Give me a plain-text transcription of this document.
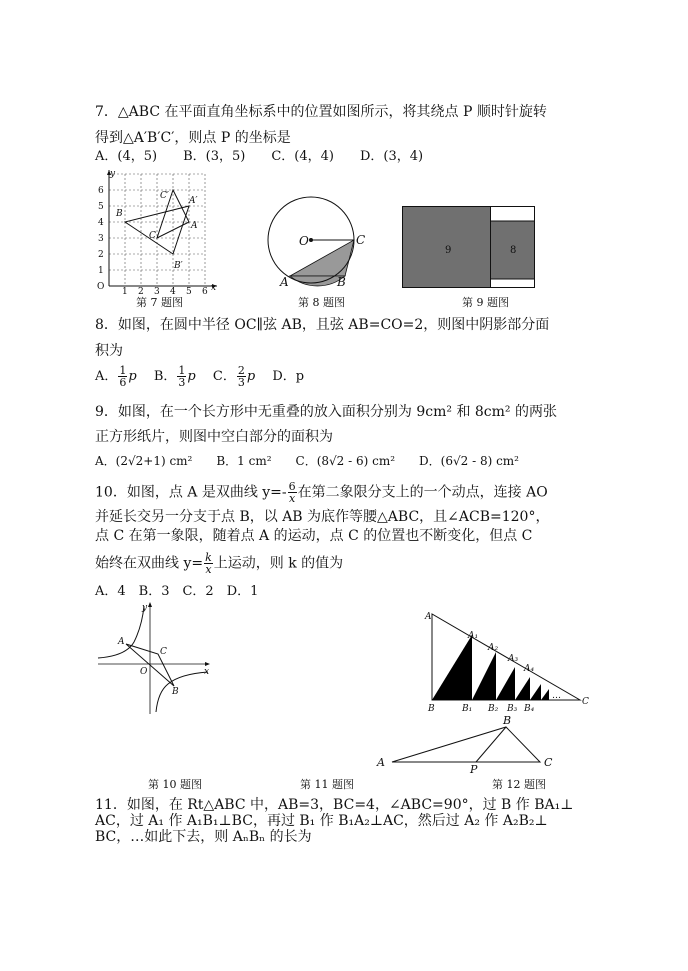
7．△ABC 在平面直角坐标系中的位置如图所示，将其绕点 P 顺时针旋转
得到△A′B′C′，则点 P 的坐标是
A．(4，5)　　B．(3，5)　　C．(4，4)　　D．(3，4)
B
A′
C′
C
A
B′
y
x
O 1 2 3 4 5 6
1
2
3
4
5
6
第 7 题图
O	C
A	B
第 8 题图
9	8
第 9 题图
8．如图，在圆中半径 OC∥弦 AB，且弦 AB=CO=2，则图中阴影部分面
积为
A． $\frac{1}{6}$ p　 B． $\frac{1}{3}$ p　 C． $\frac{2}{3}$ p　 D．p
9．如图，在一个长方形中无重叠的放入面积分别为 9cm² 和 8cm² 的两张
正方形纸片，则图中空白部分的面积为
A．(2√2+1) cm²　　B．1 cm²　　C．(8√2 - 6) cm²　　D．(6√2 - 8) cm²
10．如图，点 A 是双曲线 $y=- \frac{6}{x}$ 在第二象限分支上的一个动点，连接 AO
并延长交另一分支于点 B，以 AB 为底作等腰△ABC，且∠ACB=120°，
点 C 在第一象限，随着点 A 的运动，点 C 的位置也不断变化，但点 C
始终在双曲线 $y= \frac{k}{x}$ 上运动，则 k 的值为
A．4　B．3　C．2　D．1
A
C
O
B
x
y
第 10 题图
A
A₁
A₂
A₃
A₄
B	B₁ B₂ B₃ B₄
C
…
第 11 题图
A
B
C
P
第 12 题图
11．如图，在 Rt△ABC 中，AB=3，BC=4，∠ABC=90°，过 B 作 BA₁⊥
AC，过 A₁ 作 A₁B₁⊥BC，再过 B₁ 作 B₁A₂⊥AC，然后过 A₂ 作 A₂B₂⊥
BC，…如此下去，则 AₙBₙ 的长为
